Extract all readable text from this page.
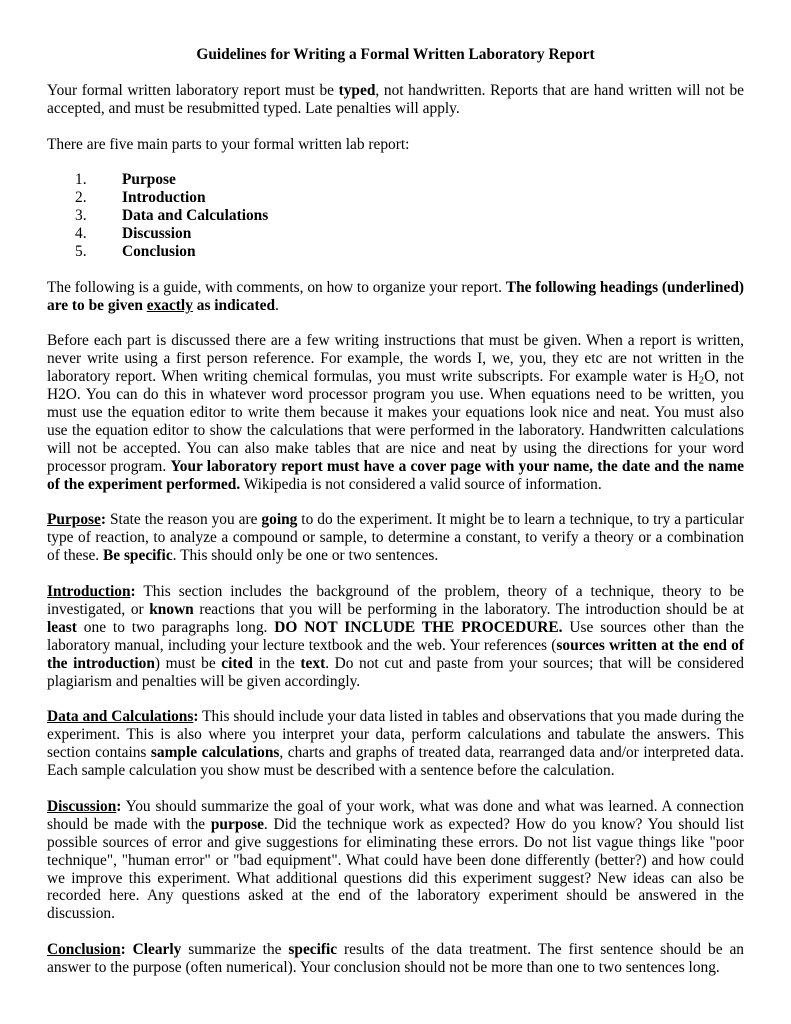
Guidelines for Writing a Formal Written Laboratory Report

Your formal written laboratory report must be typed, not handwritten. Reports that are hand written will not be accepted, and must be resubmitted typed. Late penalties will apply.

There are five main parts to your formal written lab report:

1.	Purpose
2.	Introduction
3.	Data and Calculations
4.	Discussion
5.	Conclusion

The following is a guide, with comments, on how to organize your report. The following headings (underlined) are to be given exactly as indicated.

Before each part is discussed there are a few writing instructions that must be given. When a report is written, never write using a first person reference. For example, the words I, we, you, they etc are not written in the laboratory report. When writing chemical formulas, you must write subscripts. For example water is $H_2O$, not H2O. You can do this in whatever word processor program you use. When equations need to be written, you must use the equation editor to write them because it makes your equations look nice and neat. You must also use the equation editor to show the calculations that were performed in the laboratory. Handwritten calculations will not be accepted. You can also make tables that are nice and neat by using the directions for your word processor program. Your laboratory report must have a cover page with your name, the date and the name of the experiment performed. Wikipedia is not considered a valid source of information.

Purpose: State the reason you are going to do the experiment. It might be to learn a technique, to try a particular type of reaction, to analyze a compound or sample, to determine a constant, to verify a theory or a combination of these. Be specific. This should only be one or two sentences.

Introduction: This section includes the background of the problem, theory of a technique, theory to be investigated, or known reactions that you will be performing in the laboratory. The introduction should be at least one to two paragraphs long. DO NOT INCLUDE THE PROCEDURE. Use sources other than the laboratory manual, including your lecture textbook and the web. Your references (sources written at the end of the introduction) must be cited in the text. Do not cut and paste from your sources; that will be considered plagiarism and penalties will be given accordingly.

Data and Calculations: This should include your data listed in tables and observations that you made during the experiment. This is also where you interpret your data, perform calculations and tabulate the answers. This section contains sample calculations, charts and graphs of treated data, rearranged data and/or interpreted data. Each sample calculation you show must be described with a sentence before the calculation.

Discussion: You should summarize the goal of your work, what was done and what was learned. A connection should be made with the purpose. Did the technique work as expected? How do you know? You should list possible sources of error and give suggestions for eliminating these errors. Do not list vague things like "poor technique", "human error" or "bad equipment". What could have been done differently (better?) and how could we improve this experiment. What additional questions did this experiment suggest? New ideas can also be recorded here. Any questions asked at the end of the laboratory experiment should be answered in the discussion.

Conclusion: Clearly summarize the specific results of the data treatment. The first sentence should be an answer to the purpose (often numerical). Your conclusion should not be more than one to two sentences long.
